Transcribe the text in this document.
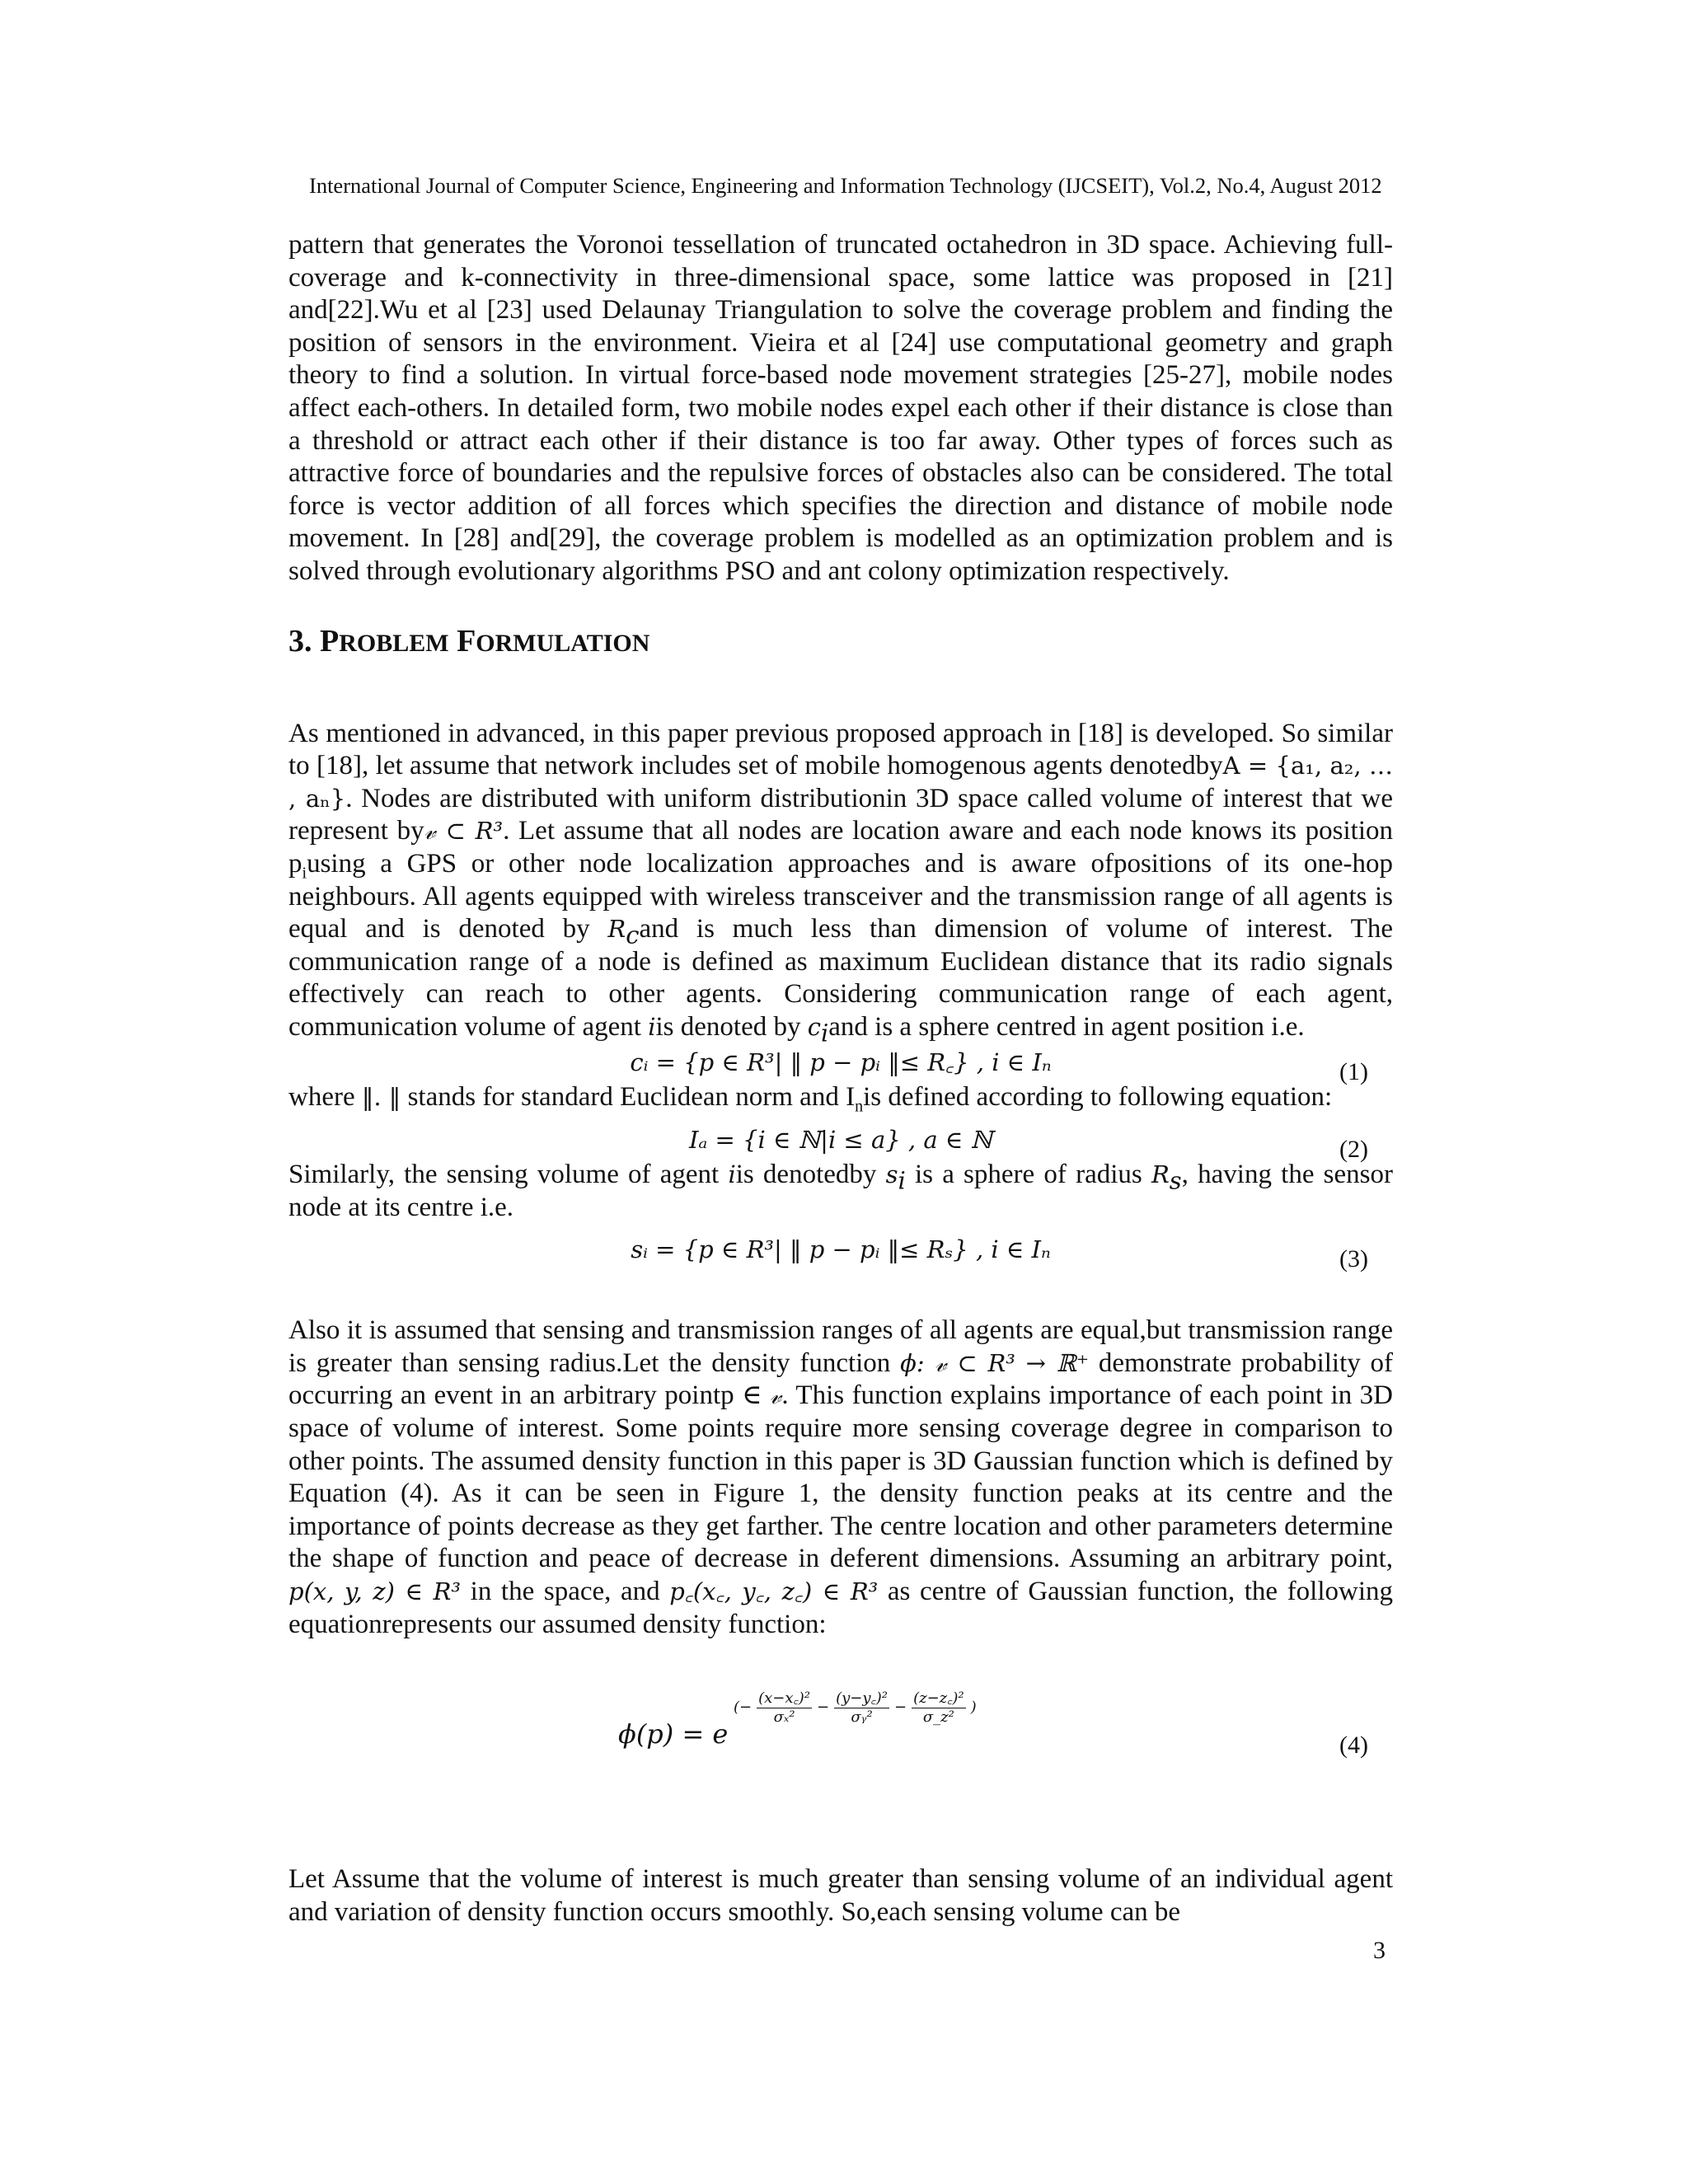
International Journal of Computer Science, Engineering and Information Technology (IJCSEIT), Vol.2, No.4, August 2012

pattern that generates the Voronoi tessellation of truncated octahedron in 3D space. Achieving full-coverage and k-connectivity in three-dimensional space, some lattice was proposed in [21] and[22].Wu et al [23] used Delaunay Triangulation to solve the coverage problem and finding the position of sensors in the environment. Vieira et al [24] use computational geometry and graph theory to find a solution. In virtual force-based node movement strategies [25-27], mobile nodes affect each-others. In detailed form, two mobile nodes expel each other if their distance is close than a threshold or attract each other if their distance is too far away. Other types of forces such as attractive force of boundaries and the repulsive forces of obstacles also can be considered. The total force is vector addition of all forces which specifies the direction and distance of mobile node movement. In [28] and[29], the coverage problem is modelled as an optimization problem and is solved through evolutionary algorithms PSO and ant colony optimization respectively.

3. PROBLEM FORMULATION

As mentioned in advanced, in this paper previous proposed approach in [18] is developed. So similar to [18], let assume that network includes set of mobile homogenous agents denotedbyA = {a₁, a₂, … , aₙ}. Nodes are distributed with uniform distributionin 3D space called volume of interest that we represent by𝓋 ⊂ R³. Let assume that all nodes are location aware and each node knows its position $p_iusing$ a GPS or other node localization approaches and is aware ofpositions of its one-hop neighbours. All agents equipped with wireless transceiver and the transmission range of all agents is equal and is denoted by $R_cand$ is much less than dimension of volume of interest. The communication range of a node is defined as maximum Euclidean distance that its radio signals effectively can reach to other agents. Considering communication range of each agent, communication volume of agent iis denoted by $c_iand$ is a sphere centred in agent position i.e.

cᵢ = {p ∈ R³| ‖ p − pᵢ ‖≤ R꜀} , i ∈ Iₙ	(1)

where ‖. ‖ stands for standard Euclidean norm and $I_nis$ defined according to following equation:

Iₐ = {i ∈ ℕ|i ≤ a} , a ∈ ℕ	(2)

Similarly, the sensing volume of agent iis denotedby $s_i$ is a sphere of radius $R_s$, having the sensor node at its centre i.e.

sᵢ = {p ∈ R³| ‖ p − pᵢ ‖≤ Rₛ} , i ∈ Iₙ	(3)

Also it is assumed that sensing and transmission ranges of all agents are equal,but transmission range is greater than sensing radius.Let the density function ϕ: 𝓋 ⊂ R³ → ℝ⁺ demonstrate probability of occurring an event in an arbitrary pointp ∈ 𝓋. This function explains importance of each point in 3D space of volume of interest. Some points require more sensing coverage degree in comparison to other points. The assumed density function in this paper is 3D Gaussian function which is defined by Equation (4). As it can be seen in Figure 1, the density function peaks at its centre and the importance of points decrease as they get farther. The centre location and other parameters determine the shape of function and peace of decrease in deferent dimensions. Assuming an arbitrary point, p(x, y, z) ∈ R³ in the space, and p꜀(x꜀, y꜀, z꜀) ∈ R³ as centre of Gaussian function, the following equationrepresents our assumed density function:

ϕ(p) = e
(− $\frac{\text{(x−x꜀)²}}{\text{σₓ²}} - \frac{\text{(y−y꜀)²}}{\text{σᵧ²}} - \frac{\text{(z−z꜀)²}}{\text{σ\_z²}}$ )
(4)

Let Assume that the volume of interest is much greater than sensing volume of an individual agent and variation of density function occurs smoothly. So,each sensing volume can be

3
